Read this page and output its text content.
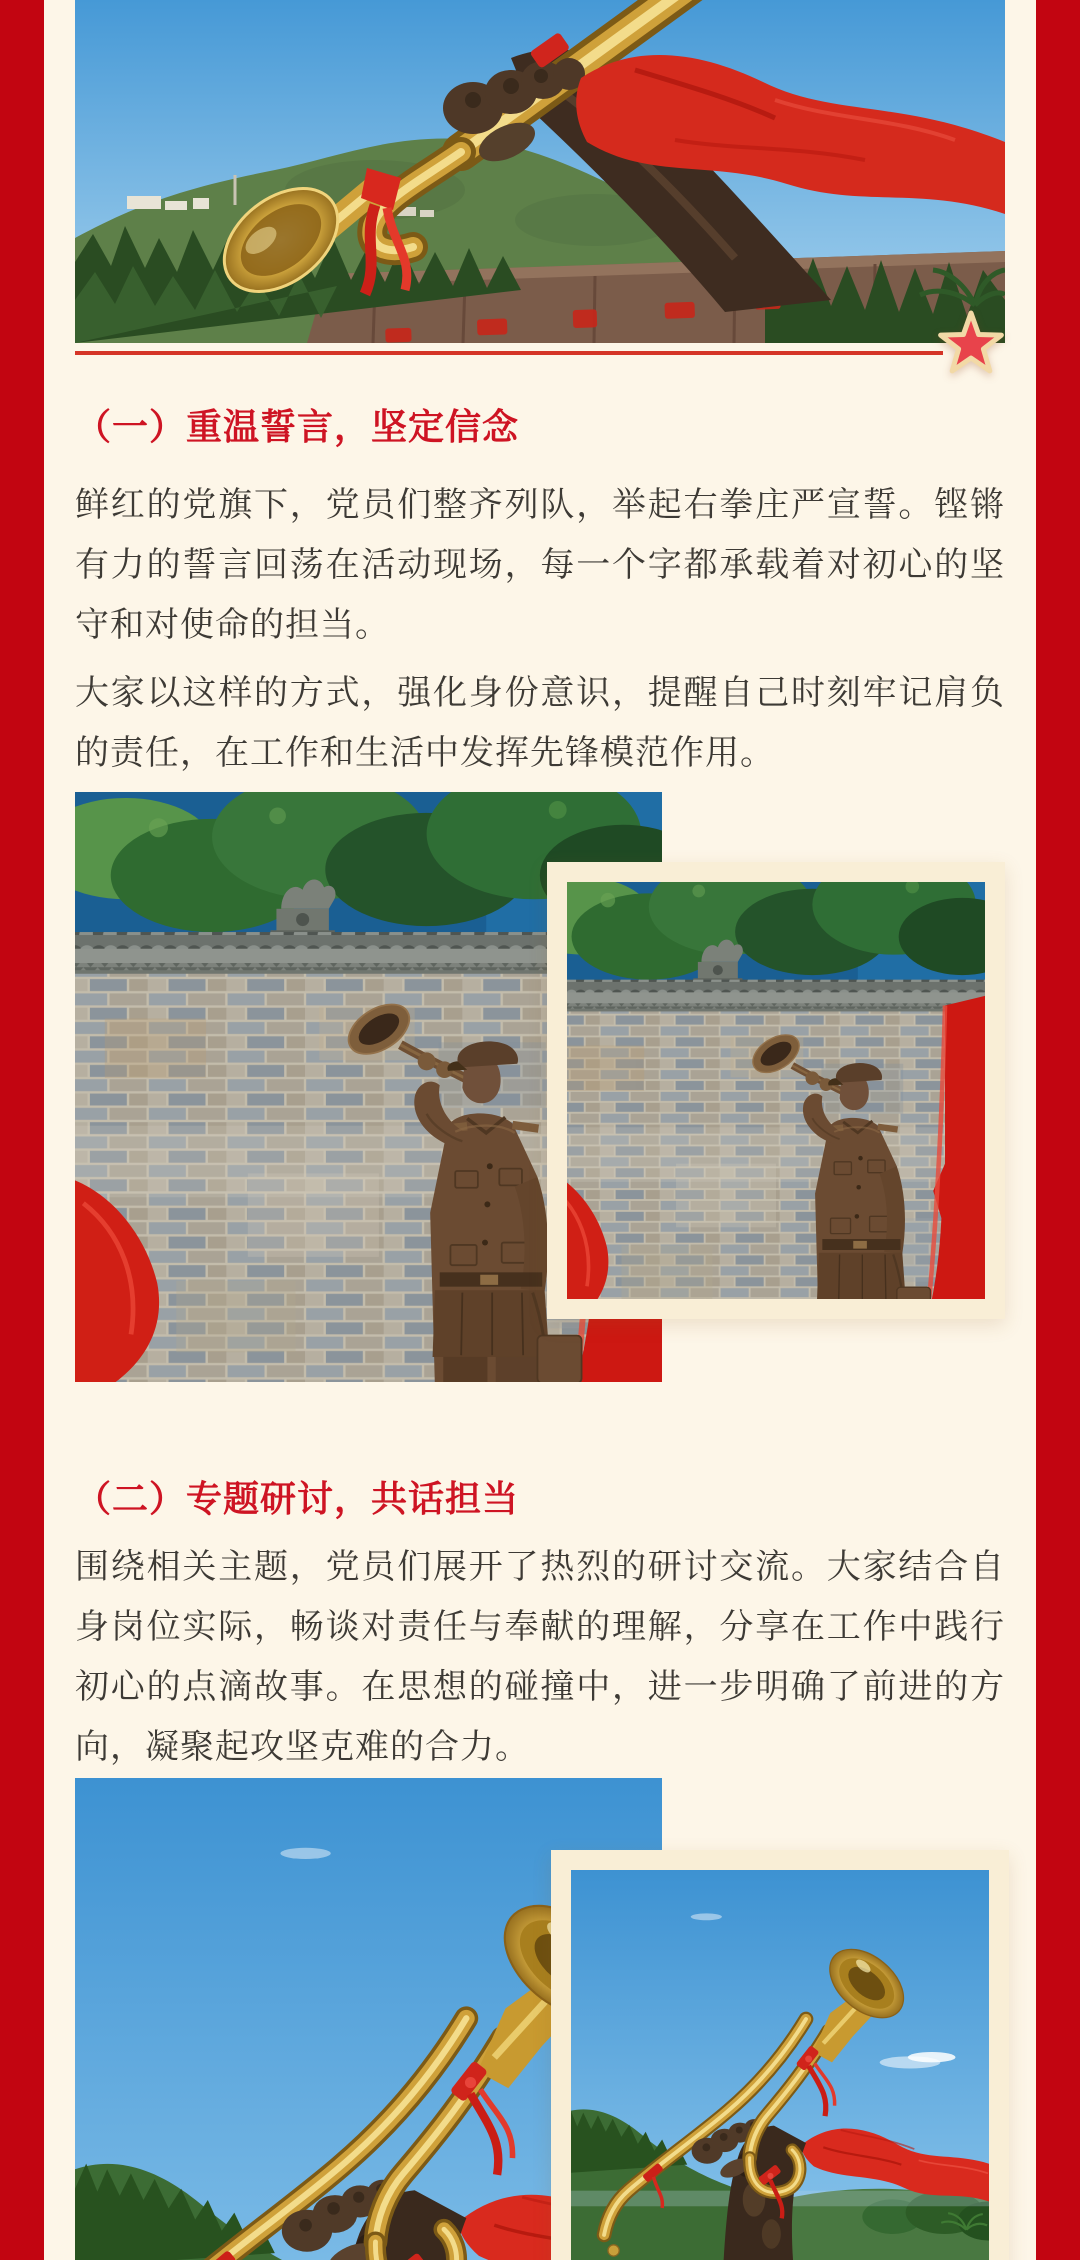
（一）重温誓言，坚定信念

鲜红的党旗下，党员们整齐列队，举起右拳庄严宣誓。铿锵有力的誓言回荡在活动现场，每一个字都承载着对初心的坚守和对使命的担当。

大家以这样的方式，强化身份意识，提醒自己时刻牢记肩负的责任，在工作和生活中发挥先锋模范作用。

（二）专题研讨，共话担当

围绕相关主题，党员们展开了热烈的研讨交流。大家结合自身岗位实际，畅谈对责任与奉献的理解，分享在工作中践行初心的点滴故事。在思想的碰撞中，进一步明确了前进的方向，凝聚起攻坚克难的合力。
